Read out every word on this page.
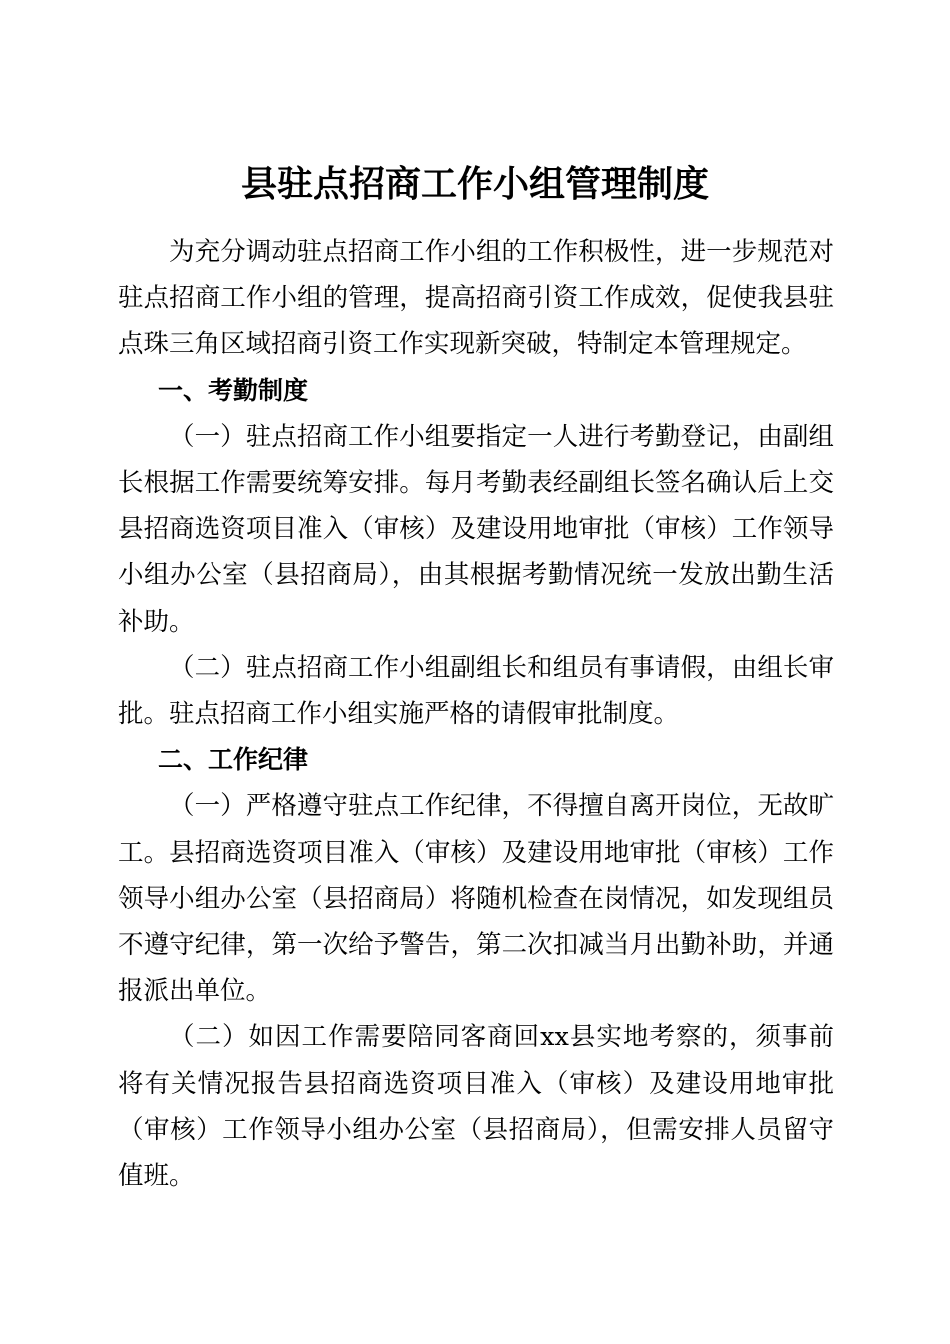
县驻点招商工作小组管理制度

为充分调动驻点招商工作小组的工作积极性，进一步规范对驻点招商工作小组的管理，提高招商引资工作成效，促使我县驻点珠三角区域招商引资工作实现新突破，特制定本管理规定。

一、考勤制度

（一）驻点招商工作小组要指定一人进行考勤登记，由副组长根据工作需要统筹安排。每月考勤表经副组长签名确认后上交县招商选资项目准入（审核）及建设用地审批（审核）工作领导小组办公室（县招商局），由其根据考勤情况统一发放出勤生活补助。

（二）驻点招商工作小组副组长和组员有事请假，由组长审批。驻点招商工作小组实施严格的请假审批制度。

二、工作纪律

（一）严格遵守驻点工作纪律，不得擅自离开岗位，无故旷工。县招商选资项目准入（审核）及建设用地审批（审核）工作领导小组办公室（县招商局）将随机检查在岗情况，如发现组员不遵守纪律，第一次给予警告，第二次扣减当月出勤补助，并通报派出单位。

（二）如因工作需要陪同客商回xx县实地考察的，须事前将有关情况报告县招商选资项目准入（审核）及建设用地审批（审核）工作领导小组办公室（县招商局），但需安排人员留守值班。
